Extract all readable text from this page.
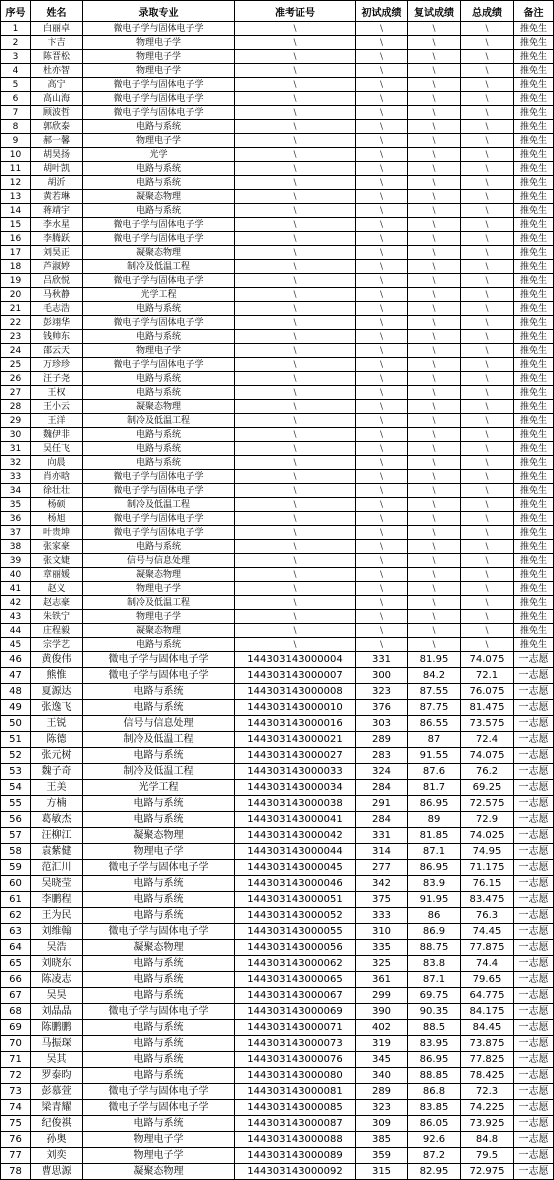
序号	姓名	录取专业	准考证号	初试成绩	复试成绩	总成绩	备注
1	白丽卓	微电子学与固体电子学	\	\	\	\	推免生
2	卞吉	物理电子学	\	\	\	\	推免生
3	陈晋松	物理电子学	\	\	\	\	推免生
4	杜亦智	物理电子学	\	\	\	\	推免生
5	高宁	微电子学与固体电子学	\	\	\	\	推免生
6	高山海	微电子学与固体电子学	\	\	\	\	推免生
7	顾波哲	微电子学与固体电子学	\	\	\	\	推免生
8	郭欣泰	电路与系统	\	\	\	\	推免生
9	郝一馨	物理电子学	\	\	\	\	推免生
10	胡昊扬	光学	\	\	\	\	推免生
11	胡叶凯	电路与系统	\	\	\	\	推免生
12	胡沂	电路与系统	\	\	\	\	推免生
13	黄若琳	凝聚态物理	\	\	\	\	推免生
14	蒋靖宇	电路与系统	\	\	\	\	推免生
15	李水星	微电子学与固体电子学	\	\	\	\	推免生
16	李腾跃	微电子学与固体电子学	\	\	\	\	推免生
17	刘昊正	凝聚态物理	\	\	\	\	推免生
18	芦淑婷	制冷及低温工程	\	\	\	\	推免生
19	吕欣悦	微电子学与固体电子学	\	\	\	\	推免生
20	马秋静	光学工程	\	\	\	\	推免生
21	毛志浩	电路与系统	\	\	\	\	推免生
22	彭翊华	微电子学与固体电子学	\	\	\	\	推免生
23	钱帅东	电路与系统	\	\	\	\	推免生
24	邵云天	物理电子学	\	\	\	\	推免生
25	万珍珍	微电子学与固体电子学	\	\	\	\	推免生
26	汪子尧	电路与系统	\	\	\	\	推免生
27	王权	电路与系统	\	\	\	\	推免生
28	王小云	凝聚态物理	\	\	\	\	推免生
29	王洋	制冷及低温工程	\	\	\	\	推免生
30	魏伊非	电路与系统	\	\	\	\	推免生
31	吴任飞	电路与系统	\	\	\	\	推免生
32	向晨	电路与系统	\	\	\	\	推免生
33	肖亦晗	微电子学与固体电子学	\	\	\	\	推免生
34	徐壮壮	微电子学与固体电子学	\	\	\	\	推免生
35	杨硕	制冷及低温工程	\	\	\	\	推免生
36	杨旭	微电子学与固体电子学	\	\	\	\	推免生
37	叶贵坤	微电子学与固体电子学	\	\	\	\	推免生
38	张家豪	电路与系统	\	\	\	\	推免生
39	张文婕	信号与信息处理	\	\	\	\	推免生
40	章丽媛	凝聚态物理	\	\	\	\	推免生
41	赵义	物理电子学	\	\	\	\	推免生
42	赵志豪	制冷及低温工程	\	\	\	\	推免生
43	朱铁宁	物理电子学	\	\	\	\	推免生
44	庄程毅	凝聚态物理	\	\	\	\	推免生
45	宗学艺	电路与系统	\	\	\	\	推免生
46	黄俊伟	微电子学与固体电子学	144303143000004	331	81.95	74.075	一志愿
47	熊惟	微电子学与固体电子学	144303143000007	300	84.2	72.1	一志愿
48	夏源达	电路与系统	144303143000008	323	87.55	76.075	一志愿
49	张逸飞	电路与系统	144303143000010	376	87.75	81.475	一志愿
50	王锐	信号与信息处理	144303143000016	303	86.55	73.575	一志愿
51	陈德	制冷及低温工程	144303143000021	289	87	72.4	一志愿
52	张元树	电路与系统	144303143000027	283	91.55	74.075	一志愿
53	魏子奇	制冷及低温工程	144303143000033	324	87.6	76.2	一志愿
54	王美	光学工程	144303143000034	284	81.7	69.25	一志愿
55	方楠	电路与系统	144303143000038	291	86.95	72.575	一志愿
56	葛敏杰	电路与系统	144303143000041	284	89	72.9	一志愿
57	汪柳江	凝聚态物理	144303143000042	331	81.85	74.025	一志愿
58	袁紫健	物理电子学	144303143000044	314	87.1	74.95	一志愿
59	范汇川	微电子学与固体电子学	144303143000045	277	86.95	71.175	一志愿
60	吴晓莹	电路与系统	144303143000046	342	83.9	76.15	一志愿
61	李鹏程	电路与系统	144303143000051	375	91.95	83.475	一志愿
62	王为民	电路与系统	144303143000052	333	86	76.3	一志愿
63	刘维翰	微电子学与固体电子学	144303143000055	310	86.9	74.45	一志愿
64	吴浩	凝聚态物理	144303143000056	335	88.75	77.875	一志愿
65	刘晓东	电路与系统	144303143000062	325	83.8	74.4	一志愿
66	陈凌志	电路与系统	144303143000065	361	87.1	79.65	一志愿
67	吴昊	电路与系统	144303143000067	299	69.75	64.775	一志愿
68	刘晶晶	微电子学与固体电子学	144303143000069	390	90.35	84.175	一志愿
69	陈鹏鹏	电路与系统	144303143000071	402	88.5	84.45	一志愿
70	马振琛	电路与系统	144303143000073	319	83.95	73.875	一志愿
71	吴其	电路与系统	144303143000076	345	86.95	77.825	一志愿
72	罗泰昀	电路与系统	144303143000080	340	88.85	78.425	一志愿
73	彭慕萱	微电子学与固体电子学	144303143000081	289	86.8	72.3	一志愿
74	梁青耀	微电子学与固体电子学	144303143000085	323	83.85	74.225	一志愿
75	纪俊祺	电路与系统	144303143000087	309	86.05	73.925	一志愿
76	孙奥	物理电子学	144303143000088	385	92.6	84.8	一志愿
77	刘奕	物理电子学	144303143000089	359	87.2	79.5	一志愿
78	曹思源	凝聚态物理	144303143000092	315	82.95	72.975	一志愿
